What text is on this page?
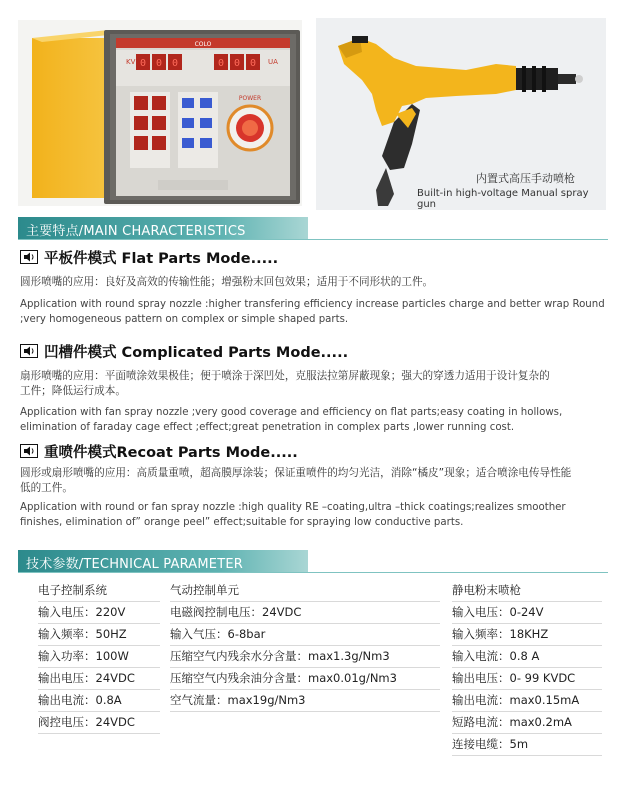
COLO
KV	UA
0 0 0	0 0 0
POWER
内置式高压手动喷枪
Built-in high-voltage Manual spray gun
主要特点/MAIN CHARACTERISTICS
平板件模式 Flat Parts Mode.....
圆形喷嘴的应用：良好及高效的传输性能；增强粉末回包效果；适用于不同形状的工件。
Application with round spray nozzle :higher transfering efficiency increase particles charge and better wrap Round ;very homogeneous pattern on complex or simple shaped parts.
凹槽件模式 Complicated Parts Mode.....
扇形喷嘴的应用：平面喷涂效果极佳；便于喷涂于深凹处，克服法拉第屏蔽现象；强大的穿透力适用于设计复杂的工件；降低运行成本。
Application with fan spray nozzle ;very good coverage and efficiency on flat parts;easy coating in hollows, elimination of faraday cage effect ;effect;great penetration in complex parts ,lower running cost.
重喷件模式Recoat Parts Mode.....
圆形或扇形喷嘴的应用：高质量重喷，超高膜厚涂装；保证重喷件的均匀光洁，消除“橘皮”现象；适合喷涂电传导性能低的工件。
Application with round or fan spray nozzle :high quality RE –coating,ultra –thick coatings;realizes smoother finishes, elimination of” orange peel” effect;suitable for spraying low conductive parts.
技术参数/TECHNICAL PARAMETER
电子控制系统
输入电压：220V
输入频率：50HZ
输入功率：100W
输出电压：24VDC
输出电流：0.8A
阀控电压：24VDC
气动控制单元
电磁阀控制电压：24VDC
输入气压：6-8bar
压缩空气内残余水分含量：max1.3g/Nm3
压缩空气内残余油分含量：max0.01g/Nm3
空气流量：max19g/Nm3
静电粉末喷枪
输入电压：0-24V
输入频率：18KHZ
输入电流：0.8 A
输出电压：0- 99 KVDC
输出电流：max0.15mA
短路电流：max0.2mA
连接电缆：5m
